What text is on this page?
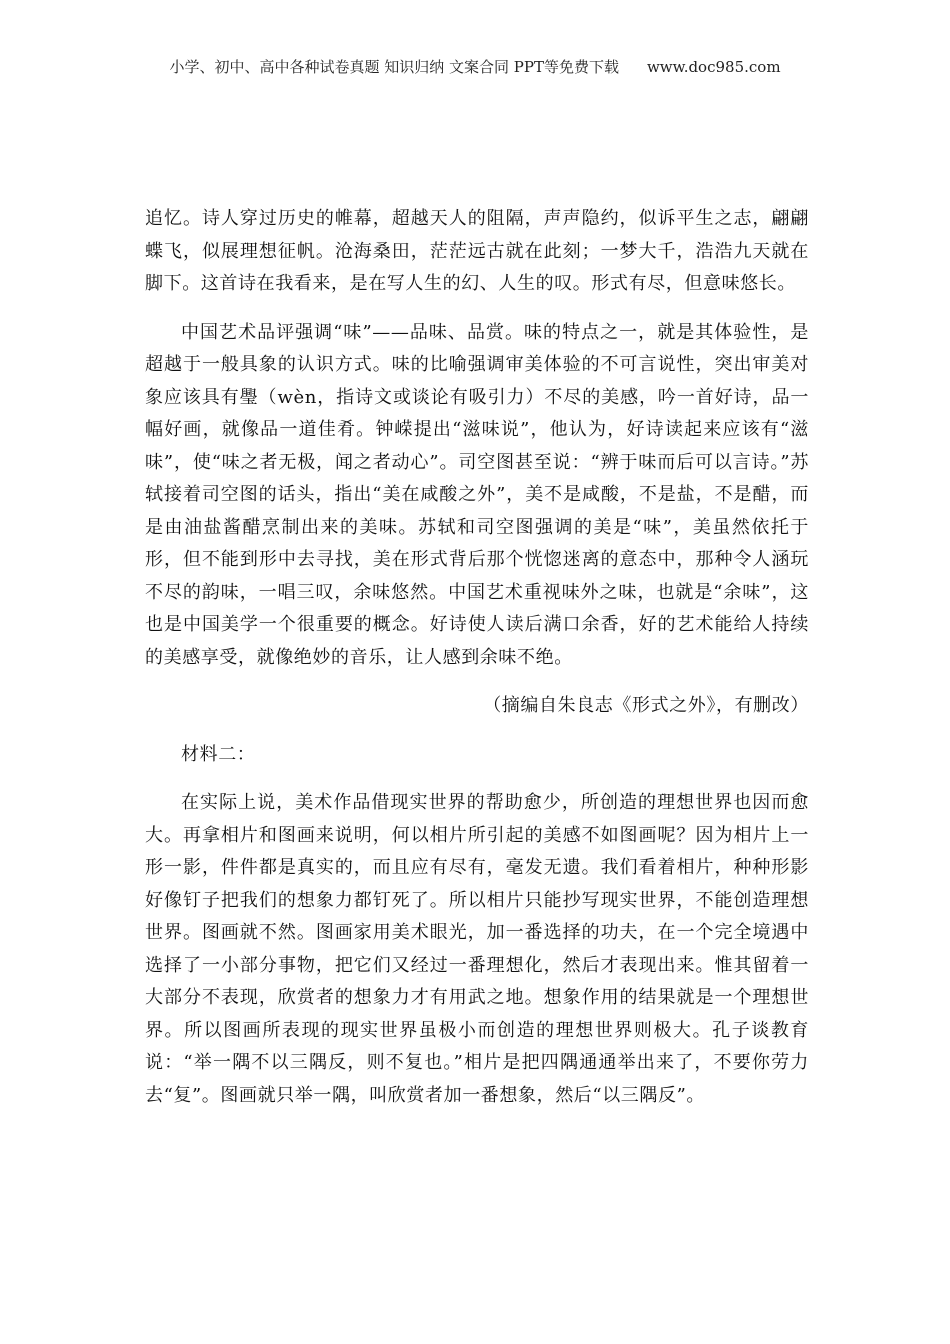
小学、初中、高中各种试卷真题 知识归纳 文案合同 PPT等免费下载 www.doc985.com

追忆。诗人穿过历史的帷幕，超越天人的阻隔，声声隐约，似诉平生之志，翩翩蝶飞，似展理想征帆。沧海桑田，茫茫远古就在此刻；一梦大千，浩浩九天就在脚下。这首诗在我看来，是在写人生的幻、人生的叹。形式有尽，但意味悠长。

中国艺术品评强调“味”——品味、品赏。味的特点之一，就是其体验性，是超越于一般具象的认识方式。味的比喻强调审美体验的不可言说性，突出审美对象应该具有璺（wèn，指诗文或谈论有吸引力）不尽的美感，吟一首好诗，品一幅好画，就像品一道佳肴。钟嵘提出“滋味说”，他认为，好诗读起来应该有“滋味”，使“味之者无极，闻之者动心”。司空图甚至说：“辨于味而后可以言诗。”苏轼接着司空图的话头，指出“美在咸酸之外”，美不是咸酸，不是盐，不是醋，而是由油盐酱醋烹制出来的美味。苏轼和司空图强调的美是“味”，美虽然依托于形，但不能到形中去寻找，美在形式背后那个恍惚迷离的意态中，那种令人涵玩不尽的韵味，一唱三叹，余味悠然。中国艺术重视味外之味，也就是“余味”，这也是中国美学一个很重要的概念。好诗使人读后满口余香，好的艺术能给人持续的美感享受，就像绝妙的音乐，让人感到余味不绝。

（摘编自朱良志《形式之外》，有删改）

材料二：

在实际上说，美术作品借现实世界的帮助愈少，所创造的理想世界也因而愈大。再拿相片和图画来说明，何以相片所引起的美感不如图画呢？因为相片上一形一影，件件都是真实的，而且应有尽有，毫发无遗。我们看着相片，种种形影好像钉子把我们的想象力都钉死了。所以相片只能抄写现实世界，不能创造理想世界。图画就不然。图画家用美术眼光，加一番选择的功夫，在一个完全境遇中选择了一小部分事物，把它们又经过一番理想化，然后才表现出来。惟其留着一大部分不表现，欣赏者的想象力才有用武之地。想象作用的结果就是一个理想世界。所以图画所表现的现实世界虽极小而创造的理想世界则极大。孔子谈教育说：“举一隅不以三隅反，则不复也。”相片是把四隅通通举出来了，不要你劳力去“复”。图画就只举一隅，叫欣赏者加一番想象，然后“以三隅反”。
